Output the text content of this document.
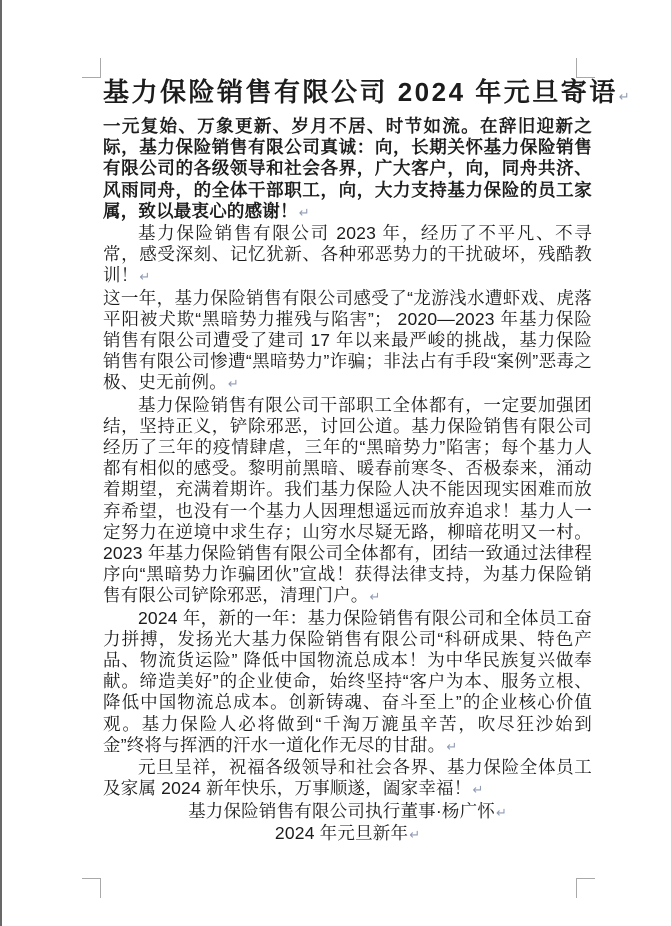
基力保险销售有限公司 2024 年元旦寄语↵

一元复始、万象更新、岁月不居、时节如流。在辞旧迎新之际，基力保险销售有限公司真诚：向，长期关怀基力保险销售有限公司的各级领导和社会各界，广大客户，向，同舟共济、风雨同舟，的全体干部职工，向，大力支持基力保险的员工家属，致以最衷心的感谢！↵

基力保险销售有限公司 2023 年，经历了不平凡、不寻常，感受深刻、记忆犹新、各种邪恶势力的干扰破坏，残酷教训！↵

这一年，基力保险销售有限公司感受了“龙游浅水遭虾戏、虎落平阳被犬欺“黑暗势力摧残与陷害”； 2020—2023 年基力保险销售有限公司遭受了建司 17 年以来最严峻的挑战，基力保险销售有限公司惨遭“黑暗势力”诈骗；非法占有手段“案例”恶毒之极、史无前例。↵

基力保险销售有限公司干部职工全体都有，一定要加强团结，坚持正义，铲除邪恶，讨回公道。基力保险销售有限公司经历了三年的疫情肆虐，三年的“黑暗势力”陷害；每个基力人都有相似的感受。黎明前黑暗、暖春前寒冬、否极泰来，涌动着期望，充满着期许。我们基力保险人决不能因现实困难而放弃希望，也没有一个基力人因理想遥远而放弃追求！基力人一定努力在逆境中求生存；山穷水尽疑无路，柳暗花明又一村。2023 年基力保险销售有限公司全体都有，团结一致通过法律程序向“黑暗势力诈骗团伙”宣战！获得法律支持，为基力保险销售有限公司铲除邪恶，清理门户。↵

2024 年，新的一年：基力保险销售有限公司和全体员工奋力拼搏，发扬光大基力保险销售有限公司“科研成果、特色产品、物流货运险” 降低中国物流总成本！为中华民族复兴做奉献。缔造美好”的企业使命，始终坚持“客户为本、服务立根、降低中国物流总成本。创新铸魂、奋斗至上”的企业核心价值观。基力保险人必将做到“千淘万漉虽辛苦，吹尽狂沙始到金”终将与挥洒的汗水一道化作无尽的甘甜。↵

元旦呈祥，祝福各级领导和社会各界、基力保险全体员工及家属 2024 新年快乐，万事顺遂，阖家幸福！↵

基力保险销售有限公司执行董事·杨广怀↵

2024 年元旦新年↵
